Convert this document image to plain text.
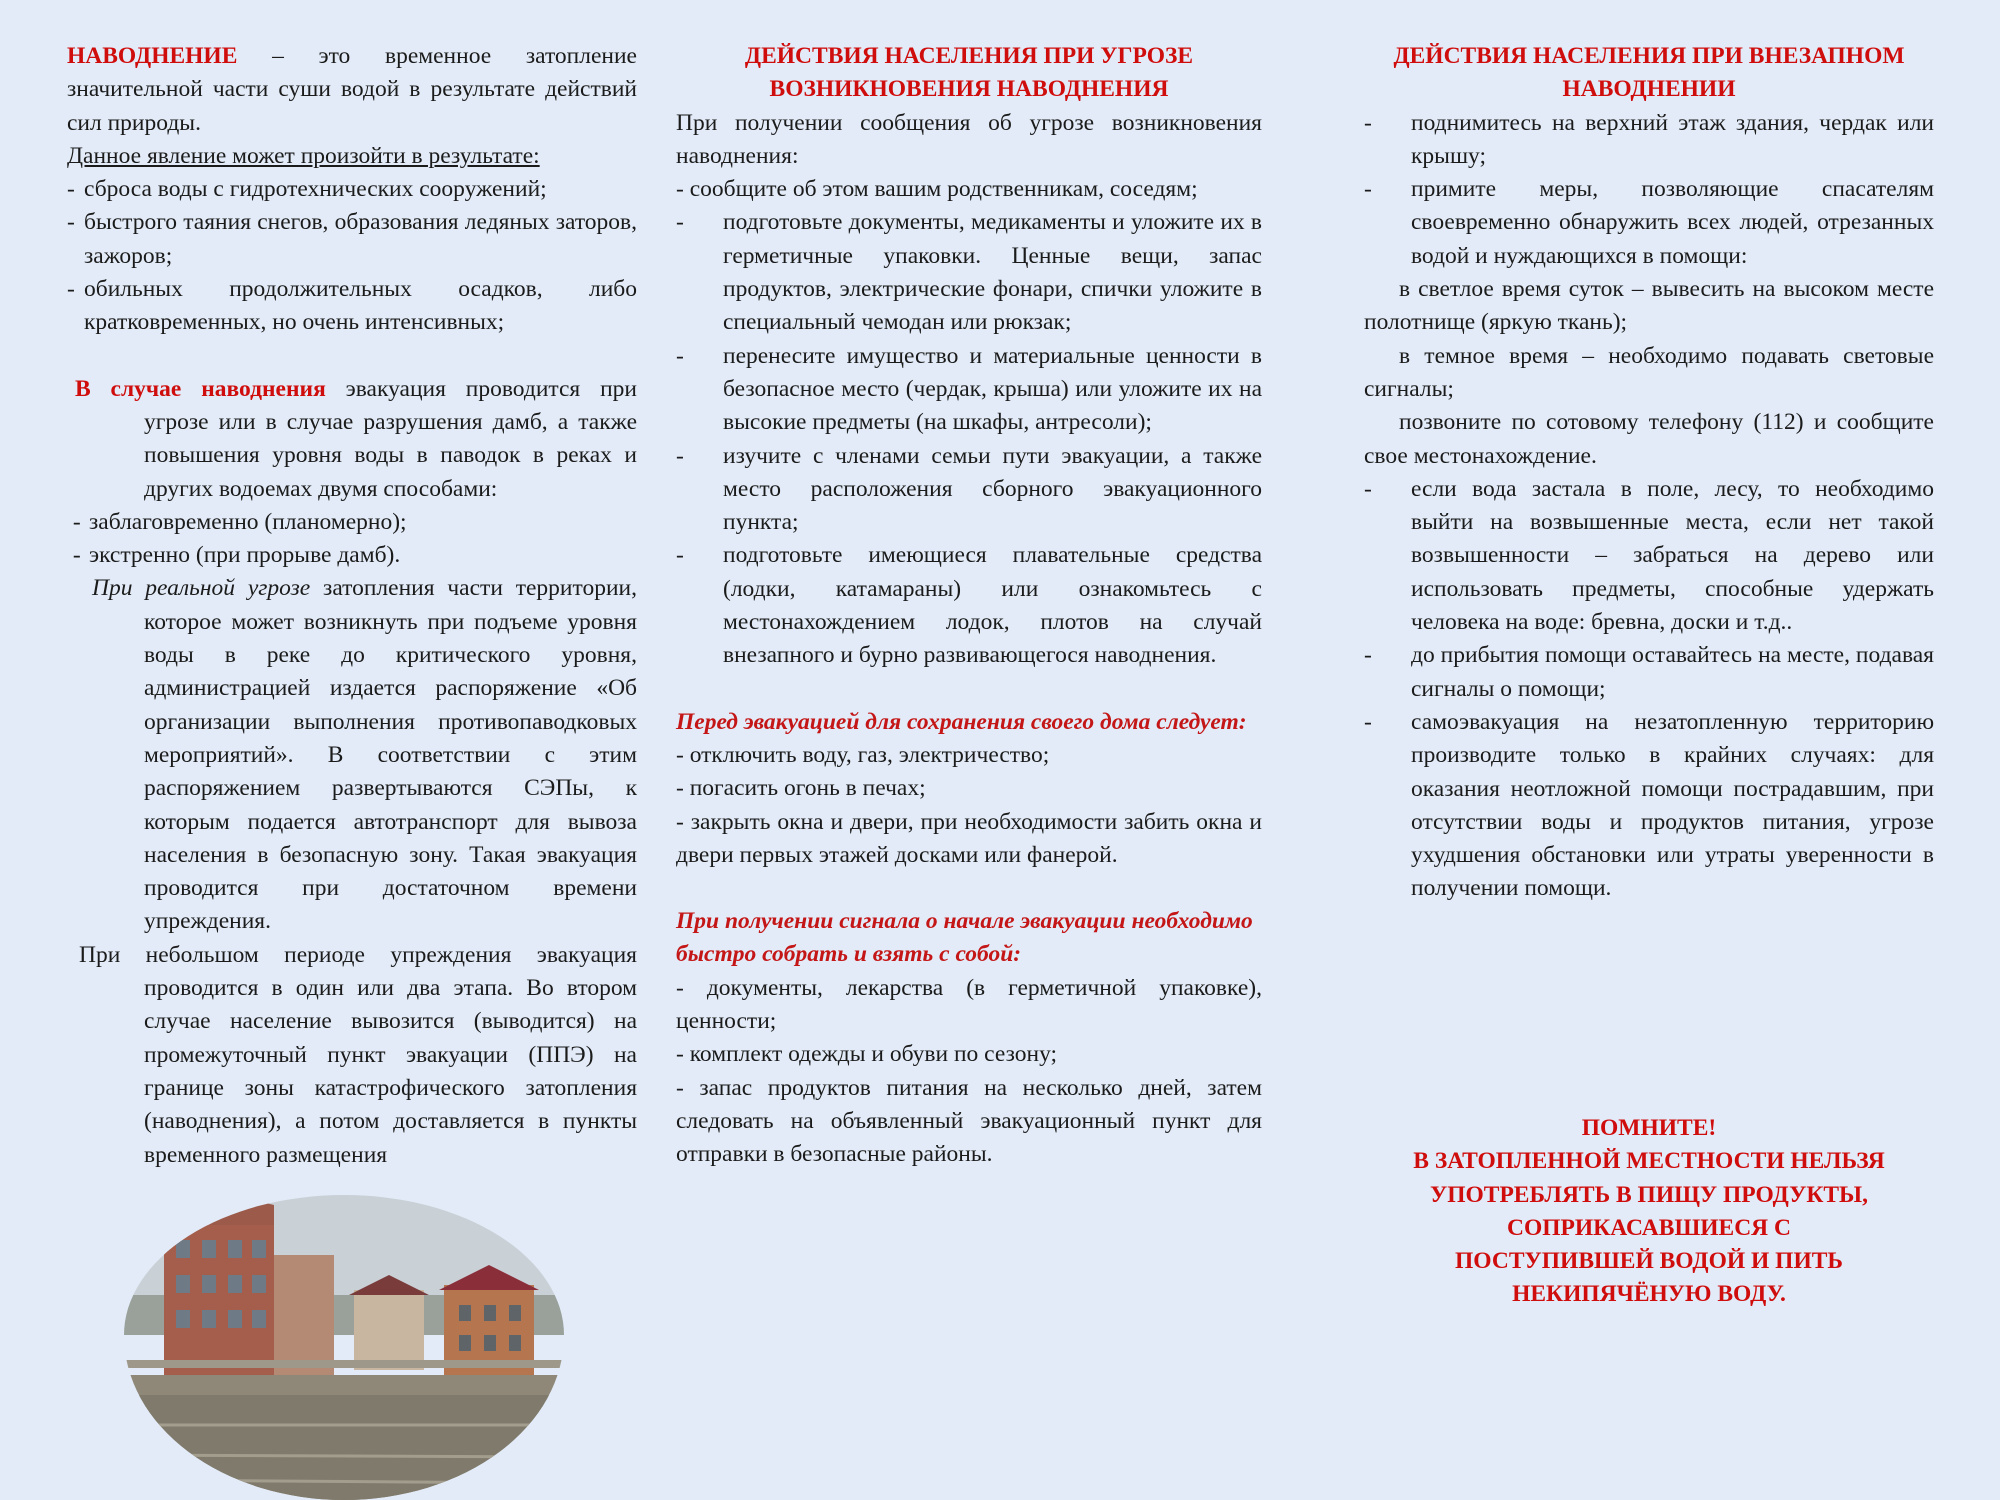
НАВОДНЕНИЕ – это временное затопление значительной части суши водой в результате действий сил природы.

Данное явление может произойти в результате:

- сброса воды с гидротехнических сооружений;
- быстрого таяния снегов, образования ледяных заторов, зажоров;
- обильных продолжительных осадков, либо кратковременных, но очень интенсивных;

В случае наводнения эвакуация проводится при угрозе или в случае разрушения дамб, а также повышения уровня воды в паводок в реках и других водоемах двумя способами:

- заблаговременно (планомерно);
- экстренно (при прорыве дамб).

При реальной угрозе затопления части территории, которое может возникнуть при подъеме уровня воды в реке до критического уровня, администрацией издается распоряжение «Об организации выполнения противопаводковых мероприятий». В соответствии с этим распоряжением развертываются СЭПы, к которым подается автотранспорт для вывоза населения в безопасную зону. Такая эвакуация проводится при достаточном времени упреждения.

При небольшом периоде упреждения эвакуация проводится в один или два этапа. Во втором случае население вывозится (выводится) на промежуточный пункт эвакуации (ППЭ) на границе зоны катастрофического затопления (наводнения), а потом доставляется в пункты временного размещения

ДЕЙСТВИЯ НАСЕЛЕНИЯ ПРИ УГРОЗЕ ВОЗНИКНОВЕНИЯ НАВОДНЕНИЯ

При получении сообщения об угрозе возникновения наводнения:

- сообщите об этом вашим родственникам, соседям;

-	подготовьте документы, медикаменты и уложите их в герметичные упаковки. Ценные вещи, запас продуктов, электрические фонари, спички уложите в специальный чемодан или рюкзак;
-	перенесите имущество и материальные ценности в безопасное место (чердак, крыша) или уложите их на высокие предметы (на шкафы, антресоли);
-	изучите с членами семьи пути эвакуации, а также место расположения сборного эвакуационного пункта;
-	подготовьте имеющиеся плавательные средства (лодки, катамараны) или ознакомьтесь с местонахождением лодок, плотов на случай внезапного и бурно развивающегося наводнения.

Перед эвакуацией для сохранения своего дома следует:

- отключить воду, газ, электричество;

- погасить огонь в печах;

- закрыть окна и двери, при необходимости забить окна и двери первых этажей досками или фанерой.

При получении сигнала о начале эвакуации необходимо быстро собрать и взять с собой:

- документы, лекарства (в герметичной упаковке), ценности;

- комплект одежды и обуви по сезону;

- запас продуктов питания на несколько дней, затем следовать на объявленный эвакуационный пункт для отправки в безопасные районы.

ДЕЙСТВИЯ НАСЕЛЕНИЯ ПРИ ВНЕЗАПНОМ НАВОДНЕНИИ

-	поднимитесь на верхний этаж здания, чердак или крышу;
-	примите меры, позволяющие спасателям своевременно обнаружить всех людей, отрезанных водой и нуждающихся в помощи:

в светлое время суток – вывесить на высоком месте полотнище (яркую ткань);

в темное время – необходимо подавать световые сигналы;

позвоните по сотовому телефону (112) и сообщите свое местонахождение.

-	если вода застала в поле, лесу, то необходимо выйти на возвышенные места, если нет такой возвышенности – забраться на дерево или использовать предметы, способные удержать человека на воде: бревна, доски и т.д..
-	до прибытия помощи оставайтесь на месте, подавая сигналы о помощи;
-	самоэвакуация на незатопленную территорию производите только в крайних случаях: для оказания неотложной помощи пострадавшим, при отсутствии воды и продуктов питания, угрозе ухудшения обстановки или утраты уверенности в получении помощи.
ПОМНИТЕ!
В ЗАТОПЛЕННОЙ МЕСТНОСТИ НЕЛЬЗЯ
УПОТРЕБЛЯТЬ В ПИЩУ ПРОДУКТЫ,
СОПРИКАСАВШИЕСЯ С
ПОСТУПИВШЕЙ ВОДОЙ И ПИТЬ
НЕКИПЯЧЁНУЮ ВОДУ.
